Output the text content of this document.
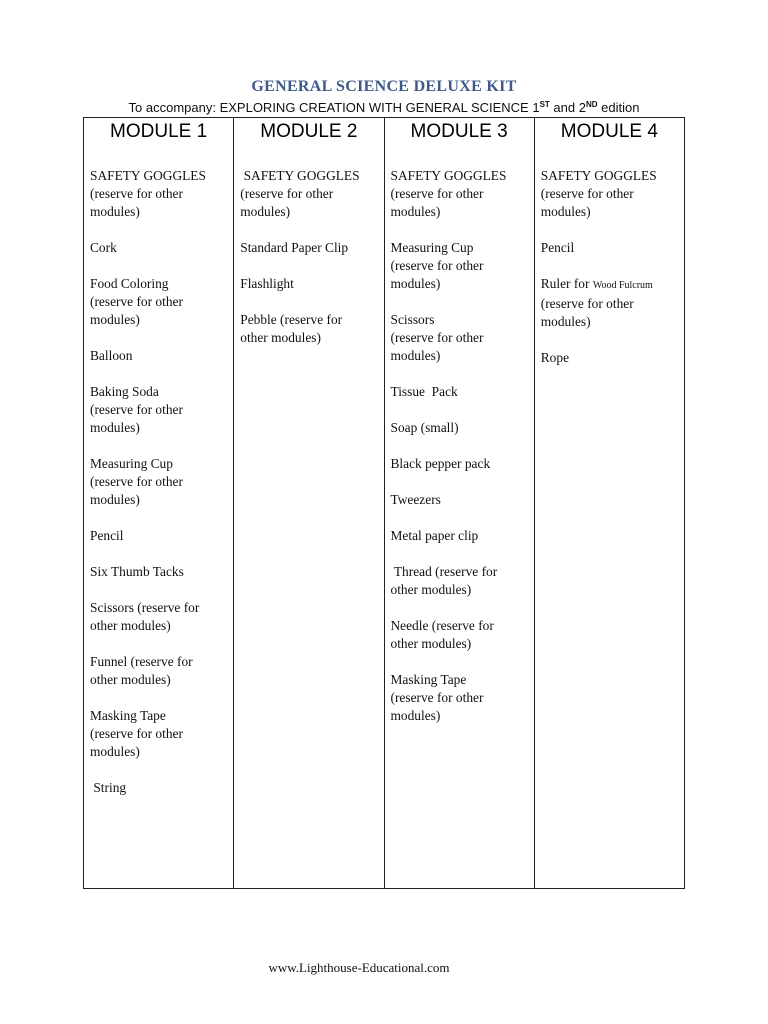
GENERAL SCIENCE DELUXE KIT
To accompany: EXPLORING CREATION WITH GENERAL SCIENCE 1ST and 2ND edition
MODULE 1
SAFETY GOGGLES
(reserve for other
modules)
Cork
Food Coloring
(reserve for other
modules)
Balloon
Baking Soda
(reserve for other
modules)
Measuring Cup
(reserve for other
modules)
Pencil
Six Thumb Tacks
Scissors (reserve for
other modules)
Funnel (reserve for
other modules)
Masking Tape
(reserve for other
modules)
String
MODULE 2
SAFETY GOGGLES
(reserve for other
modules)
Standard Paper Clip
Flashlight
Pebble (reserve for
other modules)
MODULE 3
SAFETY GOGGLES
(reserve for other
modules)
Measuring Cup
(reserve for other
modules)
Scissors
(reserve for other
modules)
Tissue  Pack
Soap (small)
Black pepper pack
Tweezers
Metal paper clip
Thread (reserve for
other modules)
Needle (reserve for
other modules)
Masking Tape
(reserve for other
modules)
MODULE 4
SAFETY GOGGLES
(reserve for other
modules)
Pencil
Ruler for Wood Fulcrum
(reserve for other
modules)
Rope
www.Lighthouse-Educational.com
